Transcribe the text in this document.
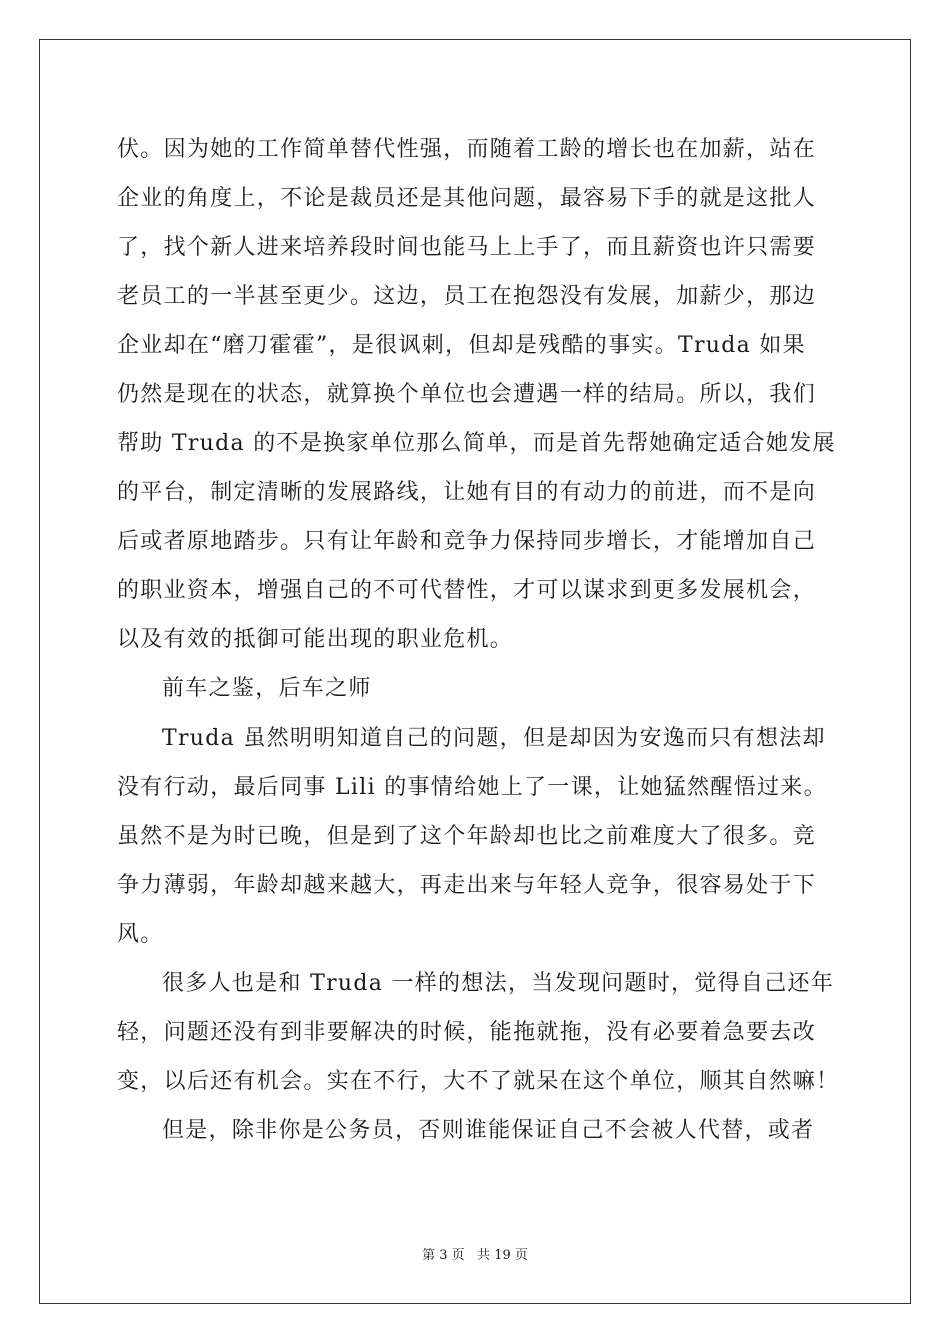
伏。因为她的工作简单替代性强，而随着工龄的增长也在加薪，站在
企业的角度上，不论是裁员还是其他问题，最容易下手的就是这批人
了，找个新人进来培养段时间也能马上上手了，而且薪资也许只需要
老员工的一半甚至更少。这边，员工在抱怨没有发展，加薪少，那边
企业却在“磨刀霍霍”，是很讽刺，但却是残酷的事实。Truda 如果
仍然是现在的状态，就算换个单位也会遭遇一样的结局。所以，我们
帮助 Truda 的不是换家单位那么简单，而是首先帮她确定适合她发展
的平台，制定清晰的发展路线，让她有目的有动力的前进，而不是向
后或者原地踏步。只有让年龄和竞争力保持同步增长，才能增加自己
的职业资本，增强自己的不可代替性，才可以谋求到更多发展机会，
以及有效的抵御可能出现的职业危机。
前车之鉴，后车之师
Truda 虽然明明知道自己的问题，但是却因为安逸而只有想法却
没有行动，最后同事 Lili 的事情给她上了一课，让她猛然醒悟过来。
虽然不是为时已晚，但是到了这个年龄却也比之前难度大了很多。竞
争力薄弱，年龄却越来越大，再走出来与年轻人竞争，很容易处于下
风。
很多人也是和 Truda 一样的想法，当发现问题时，觉得自己还年
轻，问题还没有到非要解决的时候，能拖就拖，没有必要着急要去改
变，以后还有机会。实在不行，大不了就呆在这个单位，顺其自然嘛！
但是，除非你是公务员，否则谁能保证自己不会被人代替，或者
第 3 页   共 19 页
